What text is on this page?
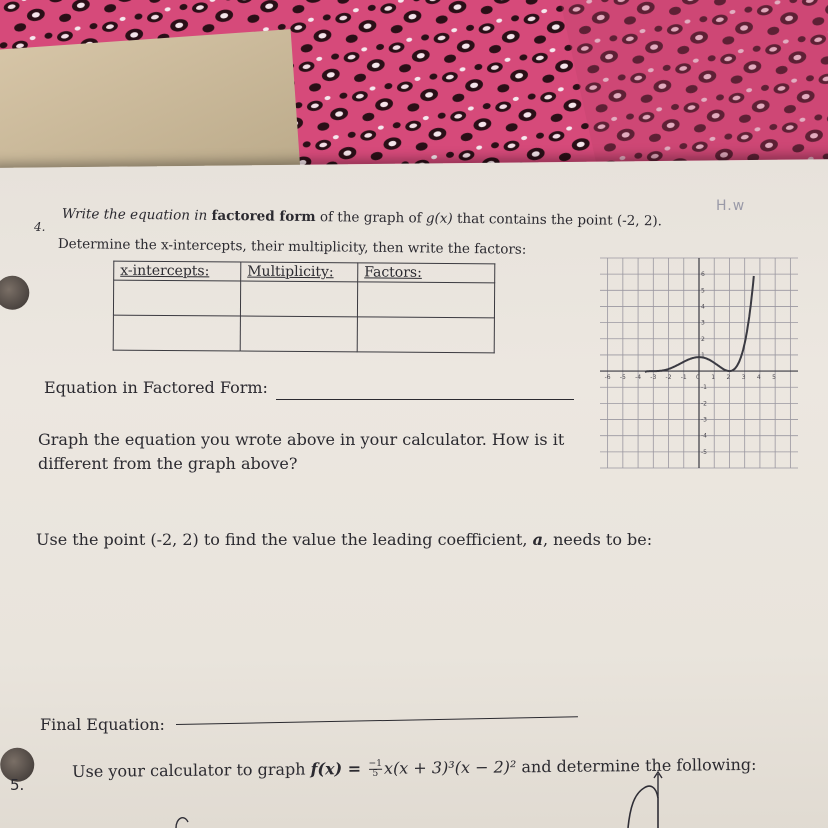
4.
Write the equation in factored form of the graph of g(x) that contains the point (-2, 2).
Determine the x-intercepts, their multiplicity, then write the factors:
H.w
x-intercepts:	Multiplicity:	Factors:

Equation in Factored Form:
Graph the equation you wrote above in your calculator. How is it different from the graph above?
Use the point (-2, 2) to find the value the leading coefficient, a, needs to be:
Final Equation:
-6 -5 -4 -3 -2 -1 0 1 2 3 4 5
6
5
4
3
2
1
-1
-2
-3
-4
-5
5.
Use your calculator to graph $f(x) = \frac{-1}{5} x(x + 3)^3(x - 2)^2$ and determine the following:
